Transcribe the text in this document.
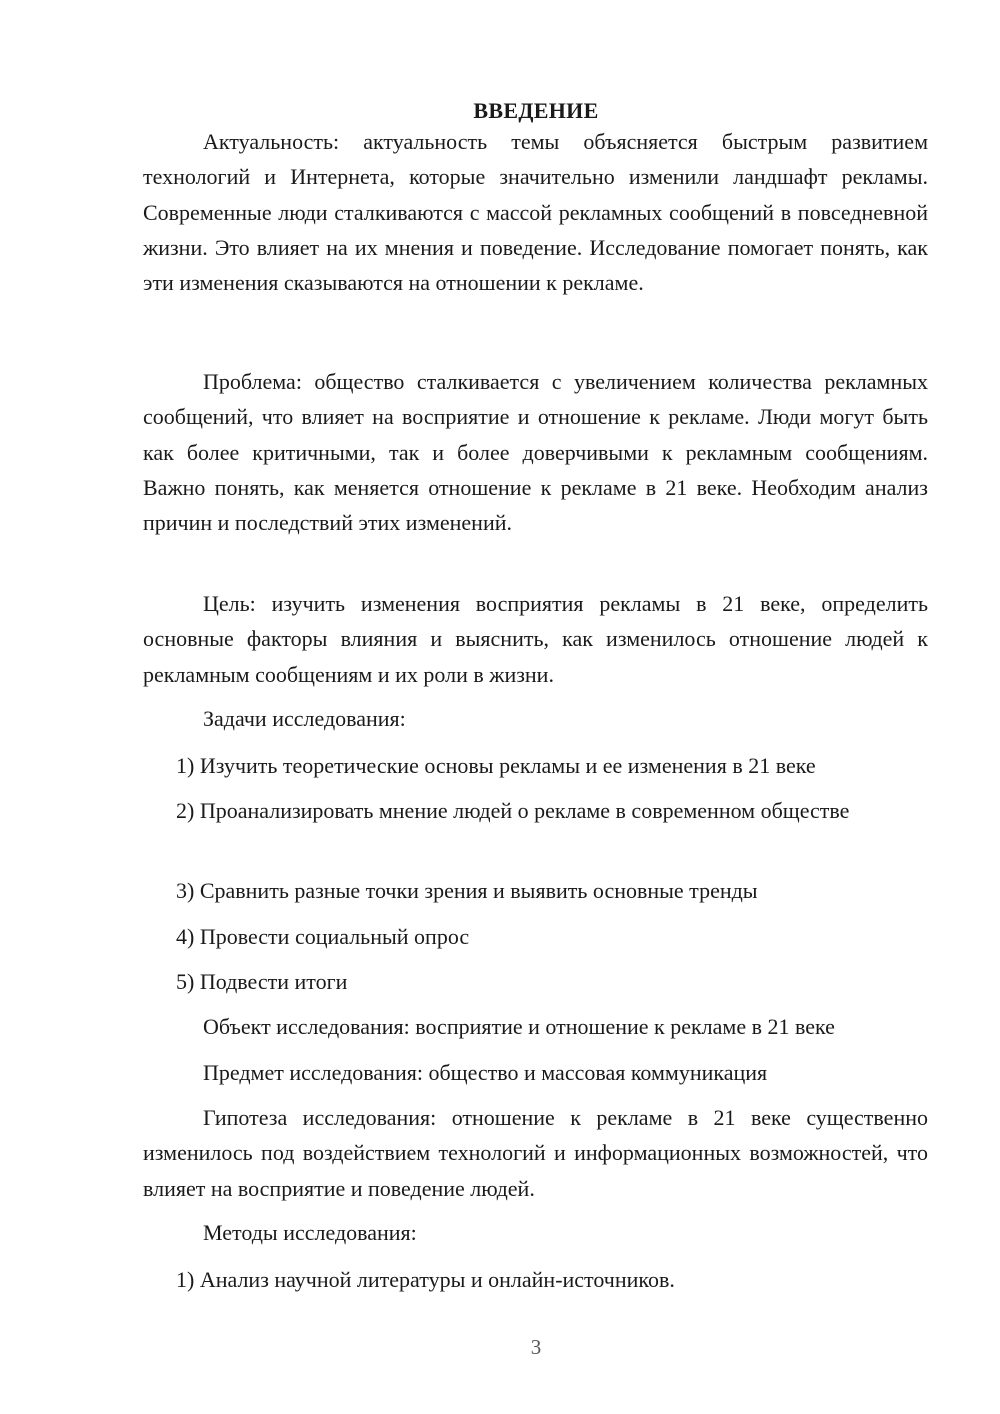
ВВЕДЕНИЕ

Актуальность: актуальность темы объясняется быстрым развитием технологий и Интернета, которые значительно изменили ландшафт рекламы. Современные люди сталкиваются с массой рекламных сообщений в повседневной жизни. Это влияет на их мнения и поведение. Исследование помогает понять, как эти изменения сказываются на отношении к рекламе.

Проблема: общество сталкивается с увеличением количества рекламных сообщений, что влияет на восприятие и отношение к рекламе. Люди могут быть как более критичными, так и более доверчивыми к рекламным сообщениям. Важно понять, как меняется отношение к рекламе в 21 веке. Необходим анализ причин и последствий этих изменений.

Цель: изучить изменения восприятия рекламы в 21 веке, определить основные факторы влияния и выяснить, как изменилось отношение людей к рекламным сообщениям и их роли в жизни.

Задачи исследования:

1) Изучить теоретические основы рекламы и ее изменения в 21 веке

2) Проанализировать мнение людей о рекламе в современном обществе

3) Сравнить разные точки зрения и выявить основные тренды

4) Провести социальный опрос

5) Подвести итоги

Объект исследования: восприятие и отношение к рекламе в 21 веке

Предмет исследования: общество и массовая коммуникация

Гипотеза исследования: отношение к рекламе в 21 веке существенно изменилось под воздействием технологий и информационных возможностей, что влияет на восприятие и поведение людей.

Методы исследования:

1) Анализ научной литературы и онлайн-источников.

3
